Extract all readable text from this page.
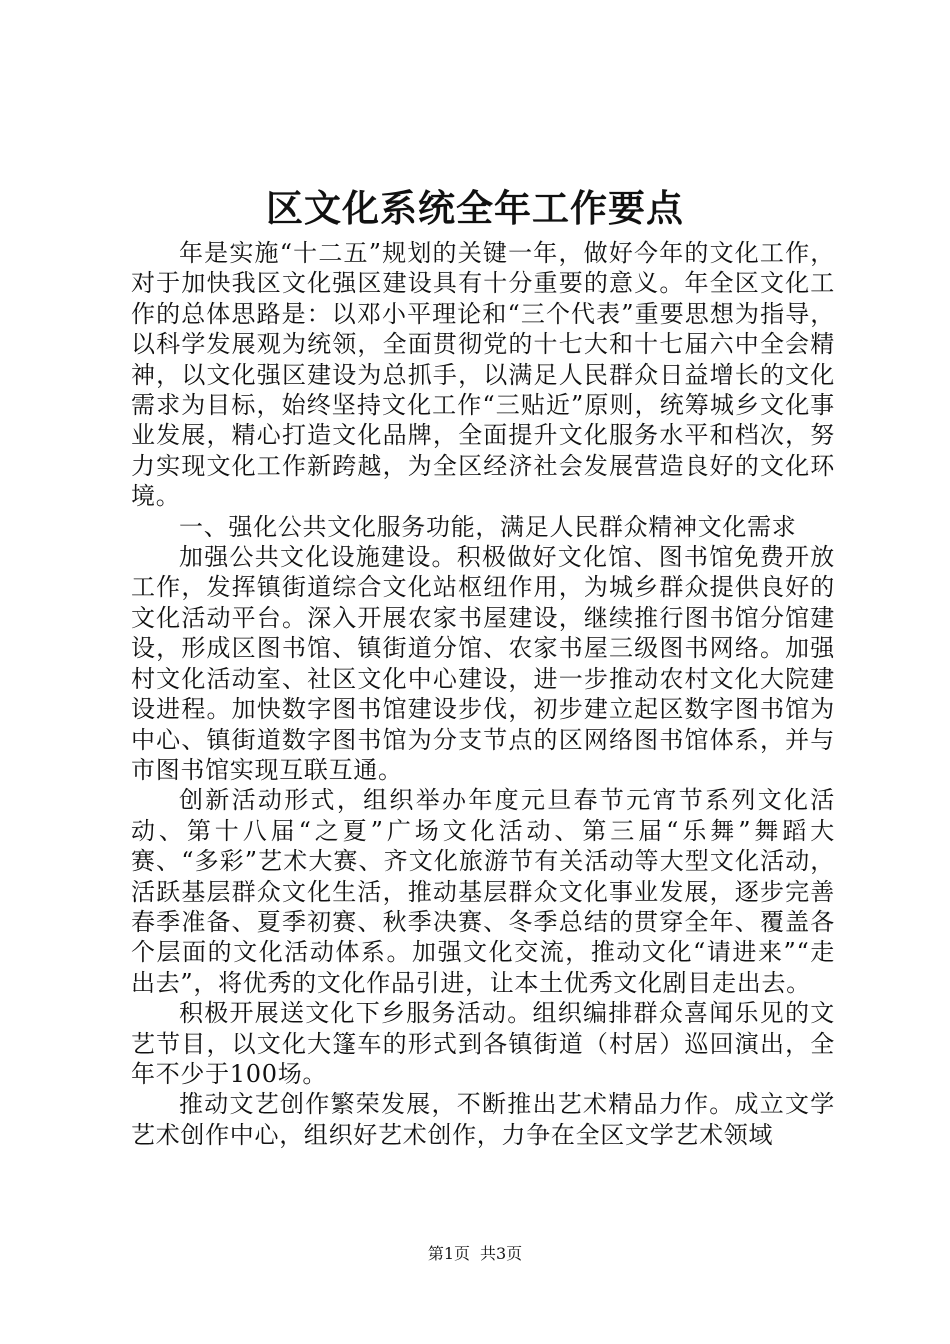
区文化系统全年工作要点

年是实施“十二五”规划的关键一年，做好今年的文化工作，对于加快我区文化强区建设具有十分重要的意义。年全区文化工作的总体思路是：以邓小平理论和“三个代表”重要思想为指导，以科学发展观为统领，全面贯彻党的十七大和十七届六中全会精神，以文化强区建设为总抓手，以满足人民群众日益增长的文化需求为目标，始终坚持文化工作“三贴近”原则，统筹城乡文化事业发展，精心打造文化品牌，全面提升文化服务水平和档次，努力实现文化工作新跨越，为全区经济社会发展营造良好的文化环境。

一、强化公共文化服务功能，满足人民群众精神文化需求

加强公共文化设施建设。积极做好文化馆、图书馆免费开放工作，发挥镇街道综合文化站枢纽作用，为城乡群众提供良好的文化活动平台。深入开展农家书屋建设，继续推行图书馆分馆建设，形成区图书馆、镇街道分馆、农家书屋三级图书网络。加强村文化活动室、社区文化中心建设，进一步推动农村文化大院建设进程。加快数字图书馆建设步伐，初步建立起区数字图书馆为中心、镇街道数字图书馆为分支节点的区网络图书馆体系，并与市图书馆实现互联互通。

创新活动形式，组织举办年度元旦春节元宵节系列文化活动、第十八届“之夏”广场文化活动、第三届“乐舞”舞蹈大赛、“多彩”艺术大赛、齐文化旅游节有关活动等大型文化活动，活跃基层群众文化生活，推动基层群众文化事业发展，逐步完善春季准备、夏季初赛、秋季决赛、冬季总结的贯穿全年、覆盖各个层面的文化活动体系。加强文化交流，推动文化“请进来”“走出去”，将优秀的文化作品引进，让本土优秀文化剧目走出去。

积极开展送文化下乡服务活动。组织编排群众喜闻乐见的文艺节目，以文化大篷车的形式到各镇街道（村居）巡回演出，全年不少于100场。

推动文艺创作繁荣发展，不断推出艺术精品力作。成立文学艺术创作中心，组织好艺术创作，力争在全区文学艺术领域

第1页 共3页
